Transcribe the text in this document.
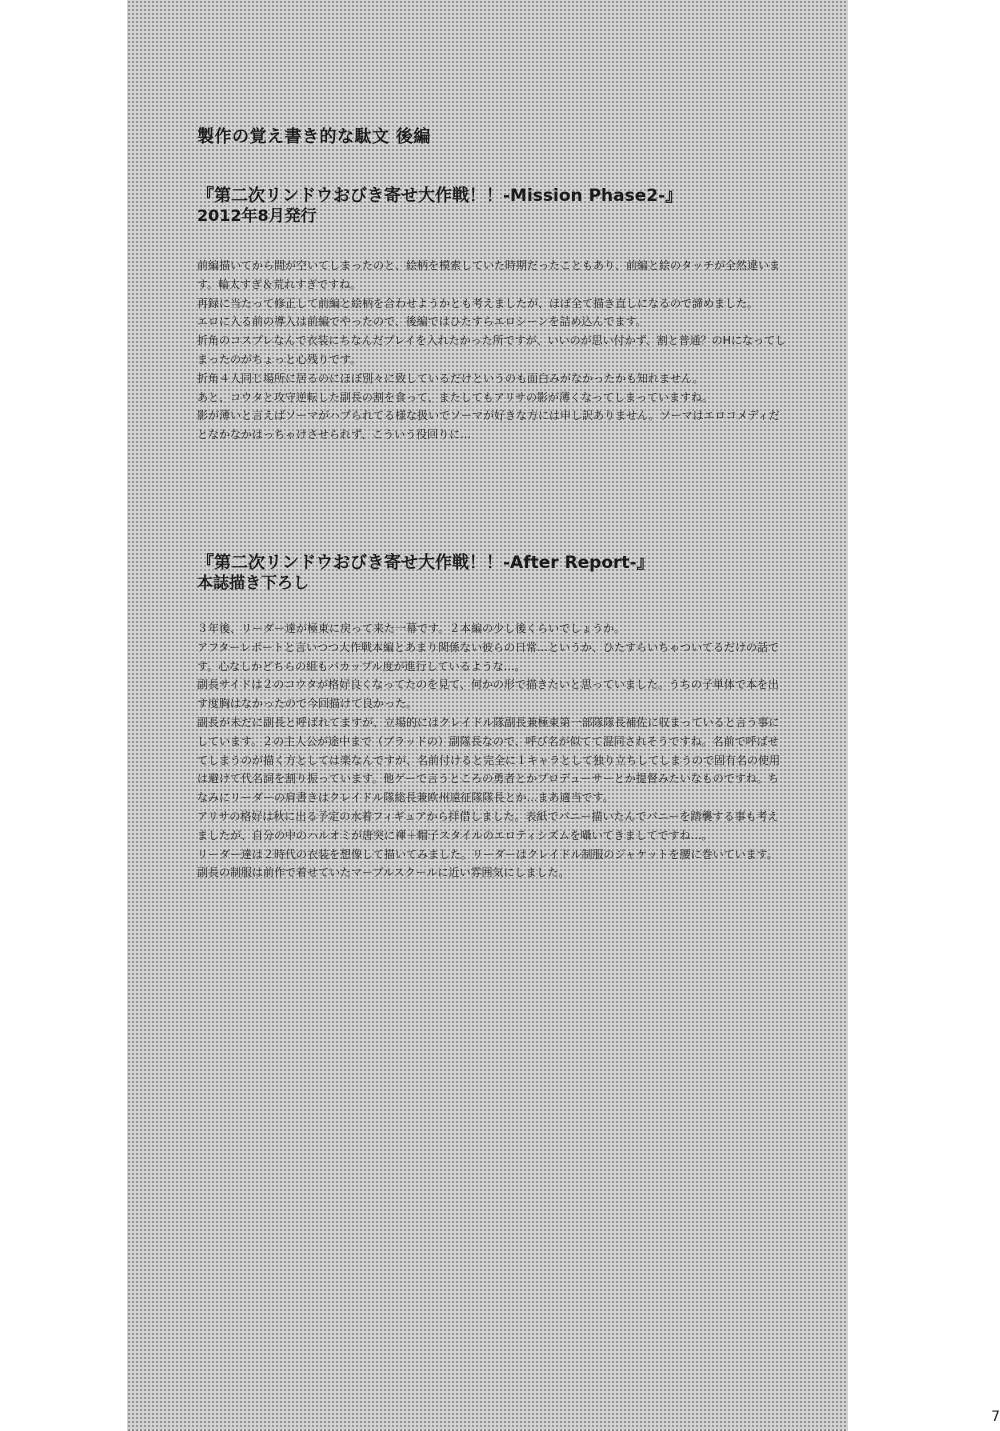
製作の覚え書き的な駄文 後編
『第二次リンドウおびき寄せ大作戦！！-Mission Phase2-』
2012年8月発行

前編描いてから間が空いてしまったのと、絵柄を模索していた時期だったこともあり、前編と絵のタッチが全然違います。輪太すぎ＆荒れすぎですね。

再録に当たって修正して前編と絵柄を合わせようかとも考えましたが、ほぼ全て描き直しになるので諦めました。

エロに入る前の導入は前編でやったので、後編ではひたすらエロシーンを詰め込んでます。

折角のコスプレなんで衣装にちなんだプレイを入れたかった所ですが、いいのが思い付かず、割と普通？のHになってしまったのがちょっと心残りです。

折角４人同じ場所に居るのにほぼ別々に致しているだけというのも面白みがなかったかも知れません。

あと、コウタと攻守逆転した副長の割を食って、またしてもアリサの影が薄くなってしまっていますね。

影が薄いと言えばソーマがハブられてる様な扱いでソーマが好きな方には申し訳ありません。ソーマはエロコメディだとなかなかはっちゃけさせられず、こういう役回りに…

『第二次リンドウおびき寄せ大作戦！！-After Report-』
本誌描き下ろし

３年後、リーダー達が極東に戻って来た一幕です。２本編の少し後くらいでしょうか。

アフターレポートと言いつつ大作戦本編とあまり関係ない彼らの日常…というか、ひたすらいちゃついてるだけの話です。心なしかどちらの組もバカップル度が進行しているような…。

副長サイドは２のコウタが格好良くなってたのを見て、何かの形で描きたいと思っていました。うちの子単体で本を出す度胸はなかったので今回描けて良かった。

副長が未だに副長と呼ばれてますが、立場的にはクレイドル隊副長兼極東第一部隊隊長補佐に収まっていると言う事にしています。２の主人公が途中まで（ブラッドの）副隊長なので、呼び名が似てて混同されそうですね。名前で呼ばせてしまうのが描く方としては楽なんですが、名前付けると完全に１キャラとして独り立ちしてしまうので固有名の使用は避けて代名詞を割り振っています。他ゲーで言うところの勇者とかプロデューサーとか提督みたいなものですね。ちなみにリーダーの肩書きはクレイドル隊総長兼欧州遠征隊隊長とか…まあ適当です。

アリサの格好は秋に出る予定の水着フィギュアから拝借しました。表紙でバニー描いたんでバニーを踏襲する事も考えましたが、自分の中のハルオミが唐突に褌＋帽子スタイルのエロティシズムを囁いてきましてですね…。

リーダー達は２時代の衣装を想像して描いてみました。リーダーはクレイドル制服のジャケットを腰に巻いています。副長の制服は前作で着せていたマーブルスクールに近い雰囲気にしました。

7
